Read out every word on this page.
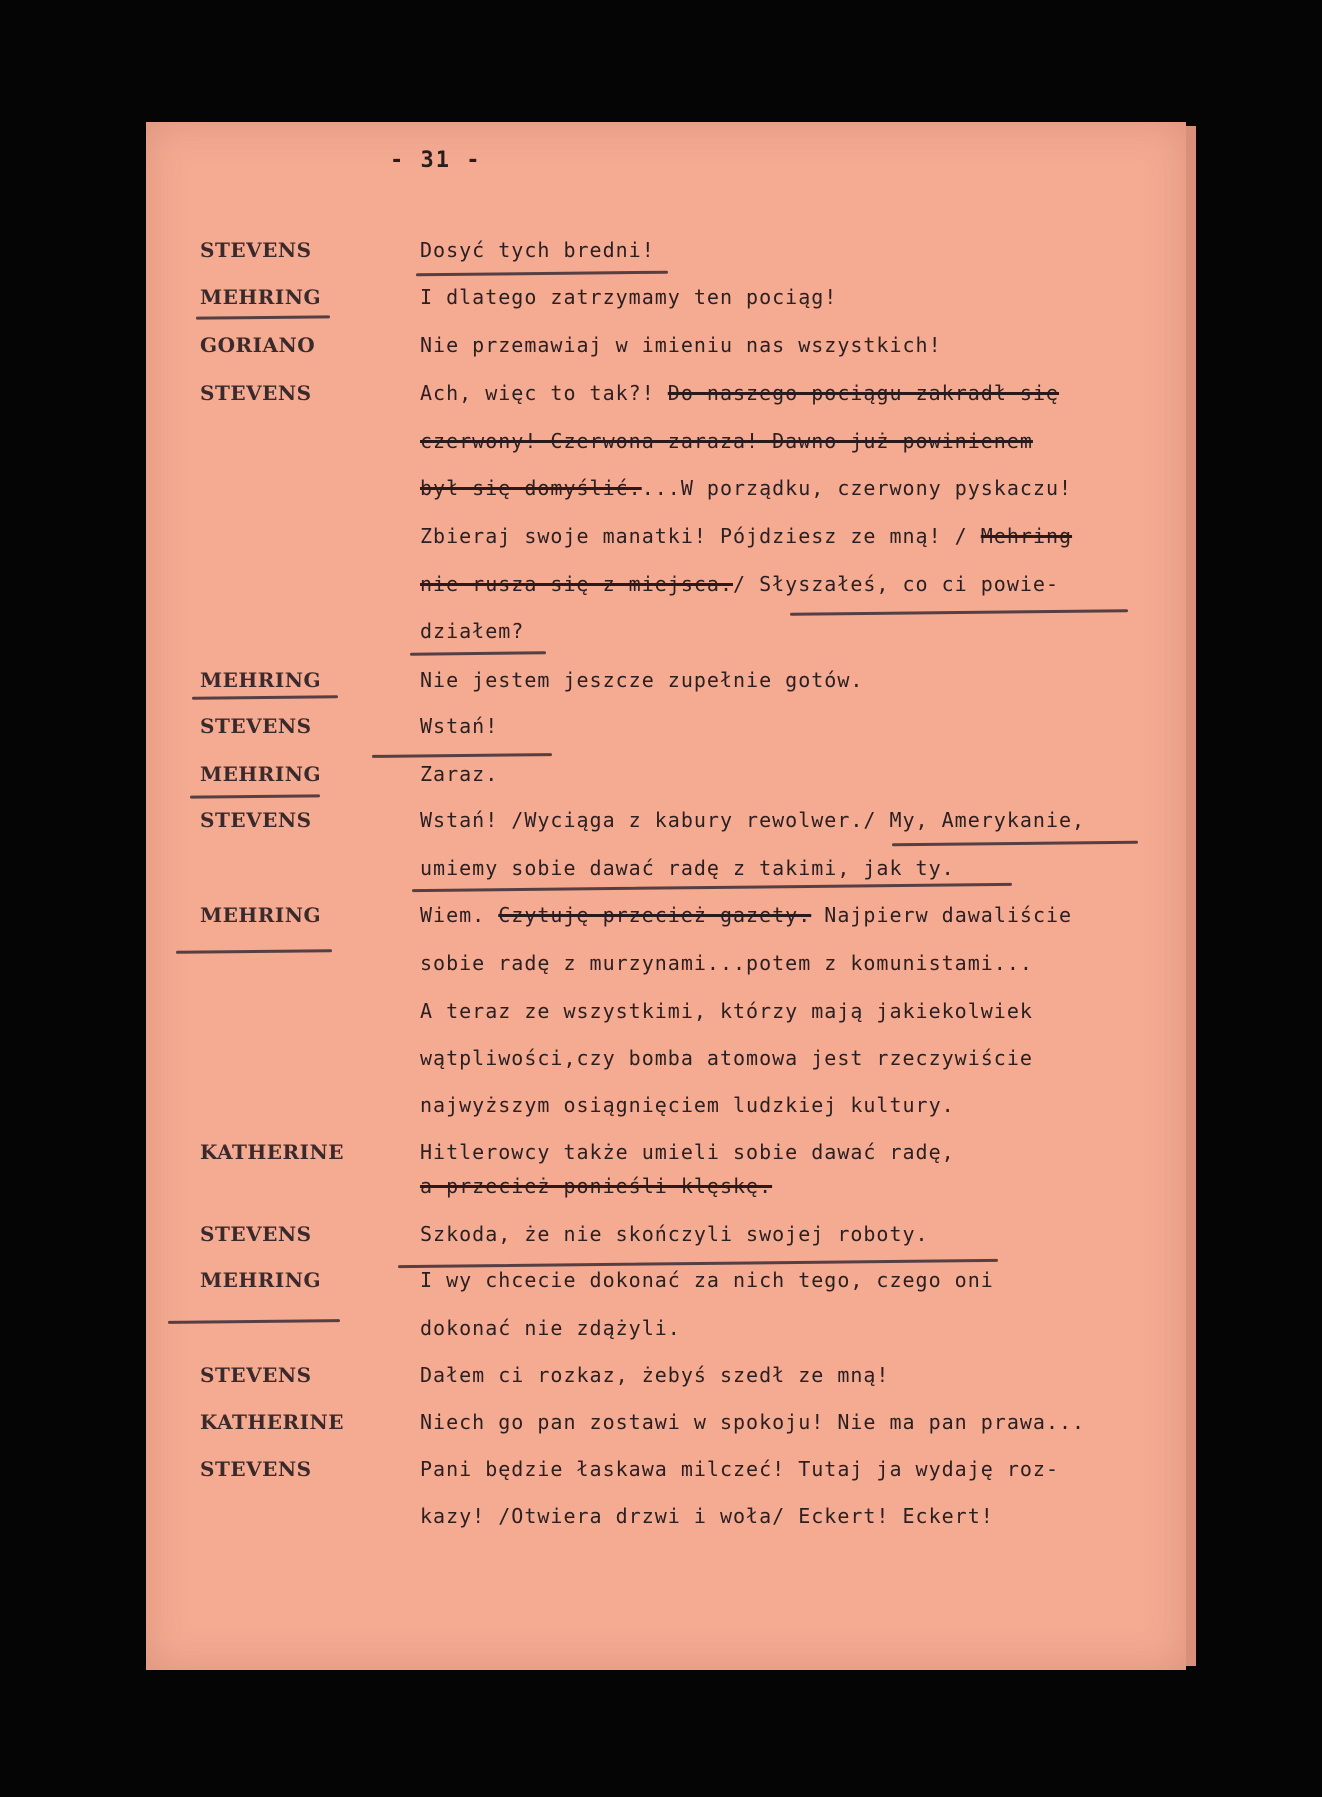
- 31 -
STEVENS	Dosyć tych bredni!
MEHRING	I dlatego zatrzymamy ten pociąg!
GORIANO	Nie przemawiaj w imieniu nas wszystkich!
STEVENS	Ach, więc to tak?! Do naszego pociągu zakradł się
czerwony! Czerwona zaraza! Dawno już powinienem
był się domyślić....W porządku, czerwony pyskaczu!
Zbieraj swoje manatki! Pójdziesz ze mną! / Mehring
nie rusza się z miejsca./ Słyszałeś, co ci powie-
działem?
MEHRING	Nie jestem jeszcze zupełnie gotów.
STEVENS	Wstań!
MEHRING	Zaraz.
STEVENS	Wstań! /Wyciąga z kabury rewolwer./ My, Amerykanie,
umiemy sobie dawać radę z takimi, jak ty.
MEHRING	Wiem. Czytuję przecież gazety. Najpierw dawaliście
sobie radę z murzynami...potem z komunistami...
A teraz ze wszystkimi, którzy mają jakiekolwiek
wątpliwości,czy bomba atomowa jest rzeczywiście
najwyższym osiągnięciem ludzkiej kultury.
KATHERINE	Hitlerowcy także umieli sobie dawać radę,
a przecież ponieśli klęskę.
STEVENS	Szkoda, że nie skończyli swojej roboty.
MEHRING	I wy chcecie dokonać za nich tego, czego oni
dokonać nie zdążyli.
STEVENS	Dałem ci rozkaz, żebyś szedł ze mną!
KATHERINE	Niech go pan zostawi w spokoju! Nie ma pan prawa...
STEVENS	Pani będzie łaskawa milczeć! Tutaj ja wydaję roz-
kazy! /Otwiera drzwi i woła/ Eckert! Eckert!
